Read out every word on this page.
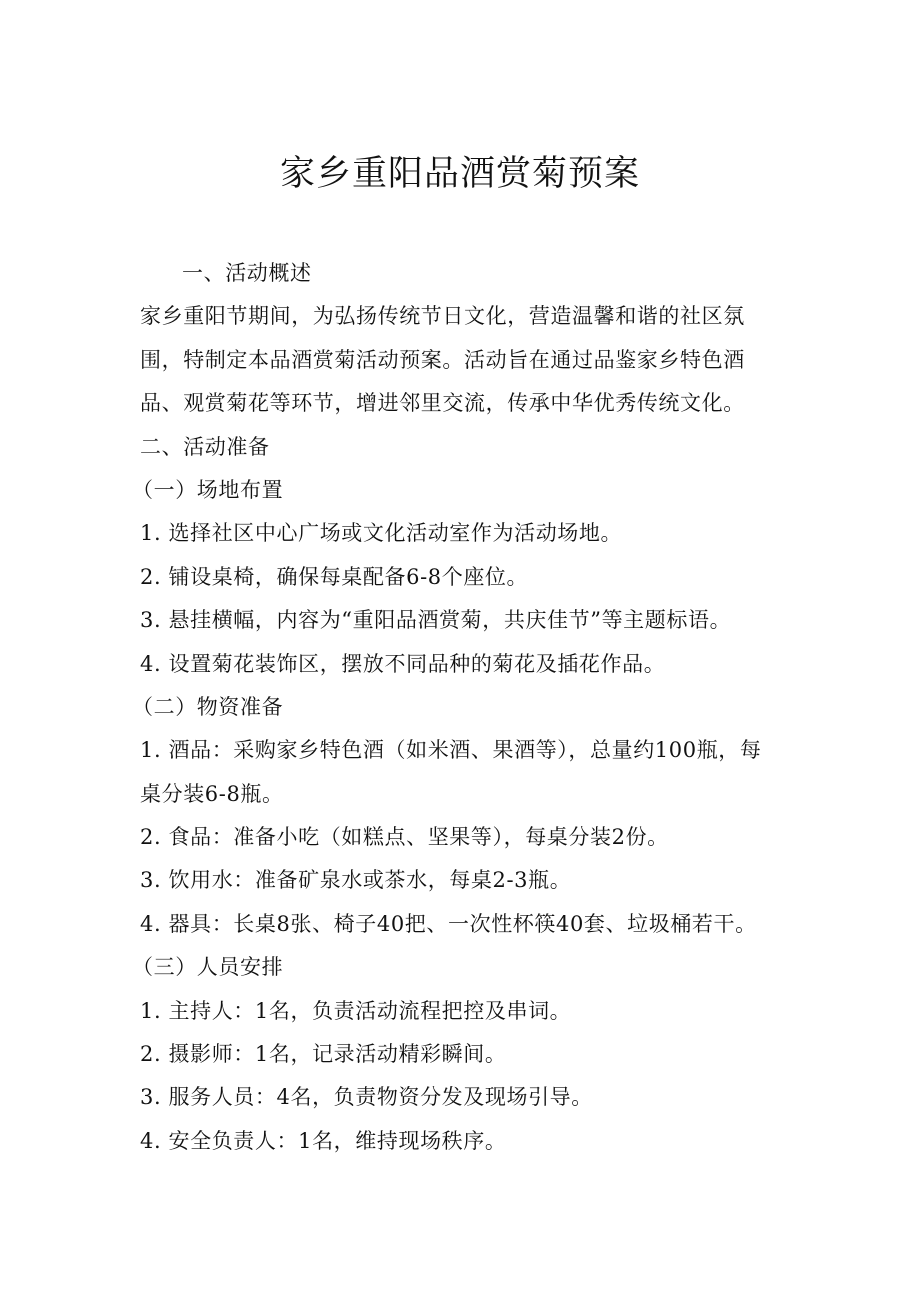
家乡重阳品酒赏菊预案
一、活动概述
家乡重阳节期间，为弘扬传统节日文化，营造温馨和谐的社区氛
围，特制定本品酒赏菊活动预案。活动旨在通过品鉴家乡特色酒
品、观赏菊花等环节，增进邻里交流，传承中华优秀传统文化。
二、活动准备
（一）场地布置
1. 选择社区中心广场或文化活动室作为活动场地。
2. 铺设桌椅，确保每桌配备6-8个座位。
3. 悬挂横幅，内容为“重阳品酒赏菊，共庆佳节”等主题标语。
4. 设置菊花装饰区，摆放不同品种的菊花及插花作品。
（二）物资准备
1. 酒品：采购家乡特色酒（如米酒、果酒等），总量约100瓶，每
桌分装6-8瓶。
2. 食品：准备小吃（如糕点、坚果等），每桌分装2份。
3. 饮用水：准备矿泉水或茶水，每桌2-3瓶。
4. 器具：长桌8张、椅子40把、一次性杯筷40套、垃圾桶若干。
（三）人员安排
1. 主持人：1名，负责活动流程把控及串词。
2. 摄影师：1名，记录活动精彩瞬间。
3. 服务人员：4名，负责物资分发及现场引导。
4. 安全负责人：1名，维持现场秩序。
